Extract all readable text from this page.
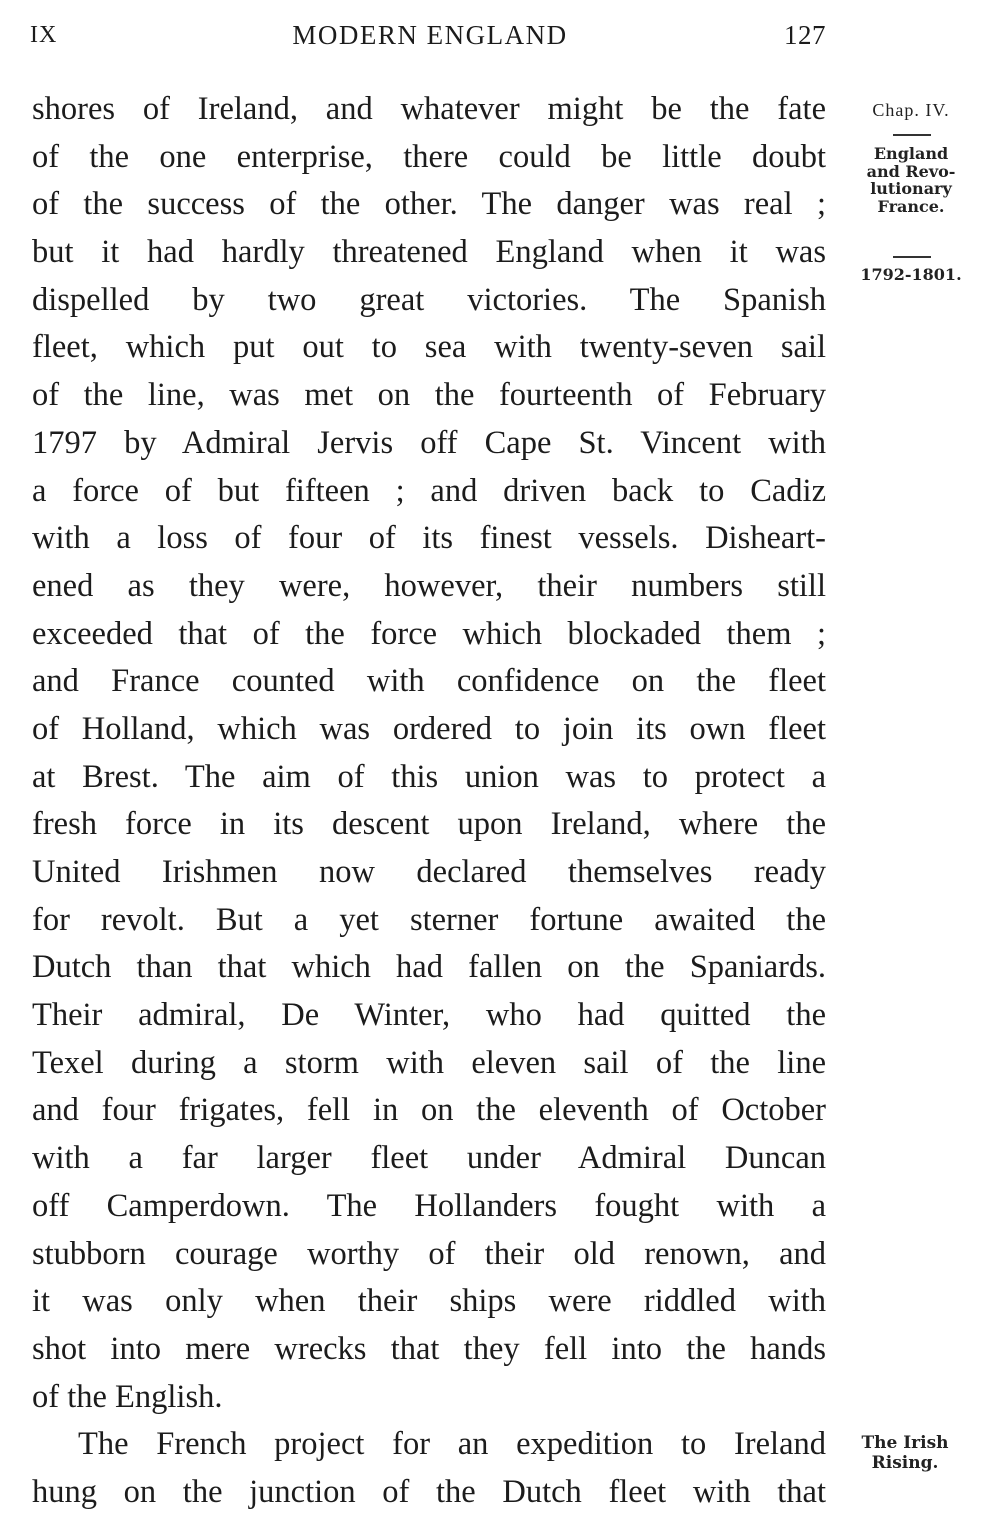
IX	MODERN ENGLAND	127
shores of Ireland, and whatever might be the fate
of the one enterprise, there could be little doubt
of the success of the other. The danger was real ;
but it had hardly threatened England when it was
dispelled by two great victories. The Spanish
fleet, which put out to sea with twenty-seven sail
of the line, was met on the fourteenth of February
1797 by Admiral Jervis off Cape St. Vincent with
a force of but fifteen ; and driven back to Cadiz
with a loss of four of its finest vessels. Disheart-
ened as they were, however, their numbers still
exceeded that of the force which blockaded them ;
and France counted with confidence on the fleet
of Holland, which was ordered to join its own fleet
at Brest. The aim of this union was to protect a
fresh force in its descent upon Ireland, where the
United Irishmen now declared themselves ready
for revolt. But a yet sterner fortune awaited the
Dutch than that which had fallen on the Spaniards.
Their admiral, De Winter, who had quitted the
Texel during a storm with eleven sail of the line
and four frigates, fell in on the eleventh of October
with a far larger fleet under Admiral Duncan
off Camperdown. The Hollanders fought with a
stubborn courage worthy of their old renown, and
it was only when their ships were riddled with
shot into mere wrecks that they fell into the hands
of the English.
The French project for an expedition to Ireland
hung on the junction of the Dutch fleet with that
Chap. IV.
England
and Revo-
lutionary
France.
1792-1801.
The Irish
Rising.
